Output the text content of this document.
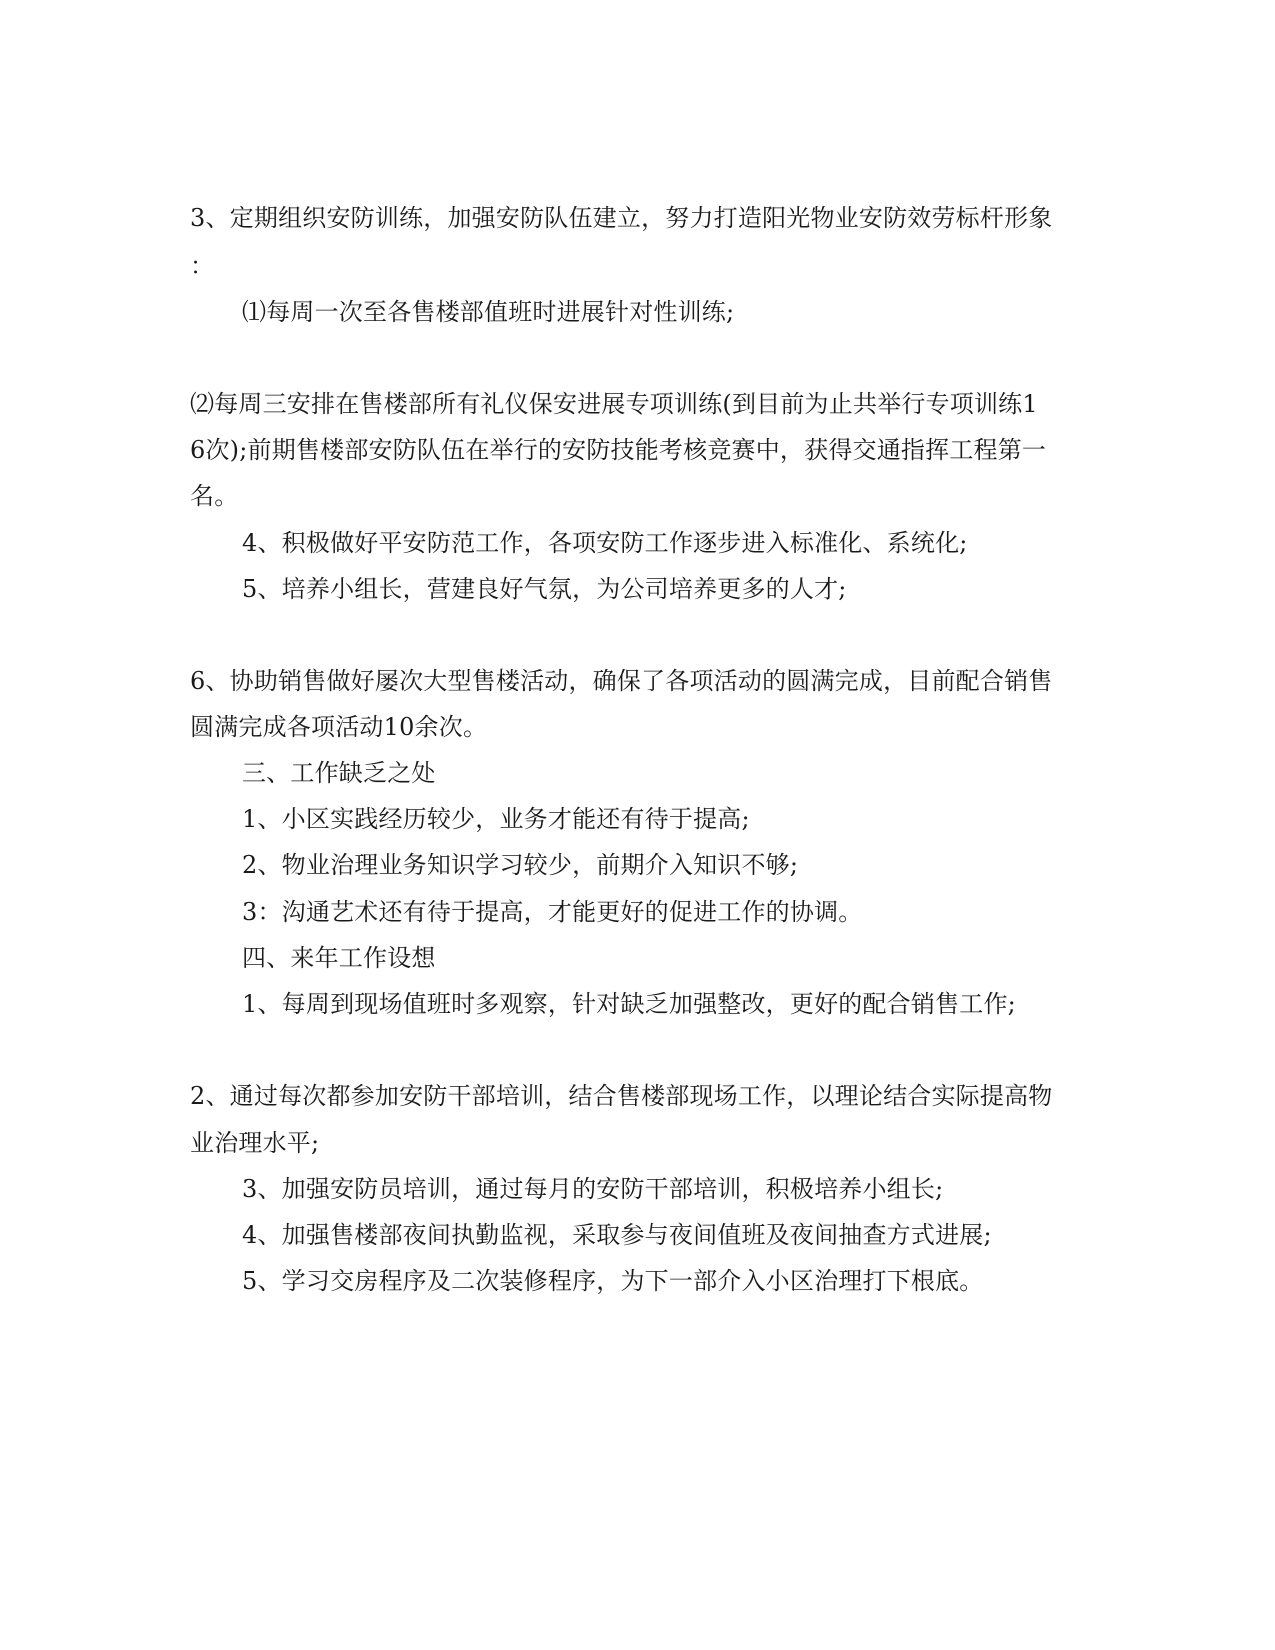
3、定期组织安防训练，加强安防队伍建立，努力打造阳光物业安防效劳标杆形象
：
⑴每周一次至各售楼部值班时进展针对性训练;
⑵每周三安排在售楼部所有礼仪保安进展专项训练(到目前为止共举行专项训练1
6次);前期售楼部安防队伍在举行的安防技能考核竞赛中，获得交通指挥工程第一
名。
4、积极做好平安防范工作，各项安防工作逐步进入标准化、系统化;
5、培养小组长，营建良好气氛，为公司培养更多的人才;
6、协助销售做好屡次大型售楼活动，确保了各项活动的圆满完成，目前配合销售
圆满完成各项活动10余次。
三、工作缺乏之处
1、小区实践经历较少，业务才能还有待于提高;
2、物业治理业务知识学习较少，前期介入知识不够;
3：沟通艺术还有待于提高，才能更好的促进工作的协调。
四、来年工作设想
1、每周到现场值班时多观察，针对缺乏加强整改，更好的配合销售工作;
2、通过每次都参加安防干部培训，结合售楼部现场工作，以理论结合实际提高物
业治理水平;
3、加强安防员培训，通过每月的安防干部培训，积极培养小组长;
4、加强售楼部夜间执勤监视，采取参与夜间值班及夜间抽查方式进展;
5、学习交房程序及二次装修程序，为下一部介入小区治理打下根底。
